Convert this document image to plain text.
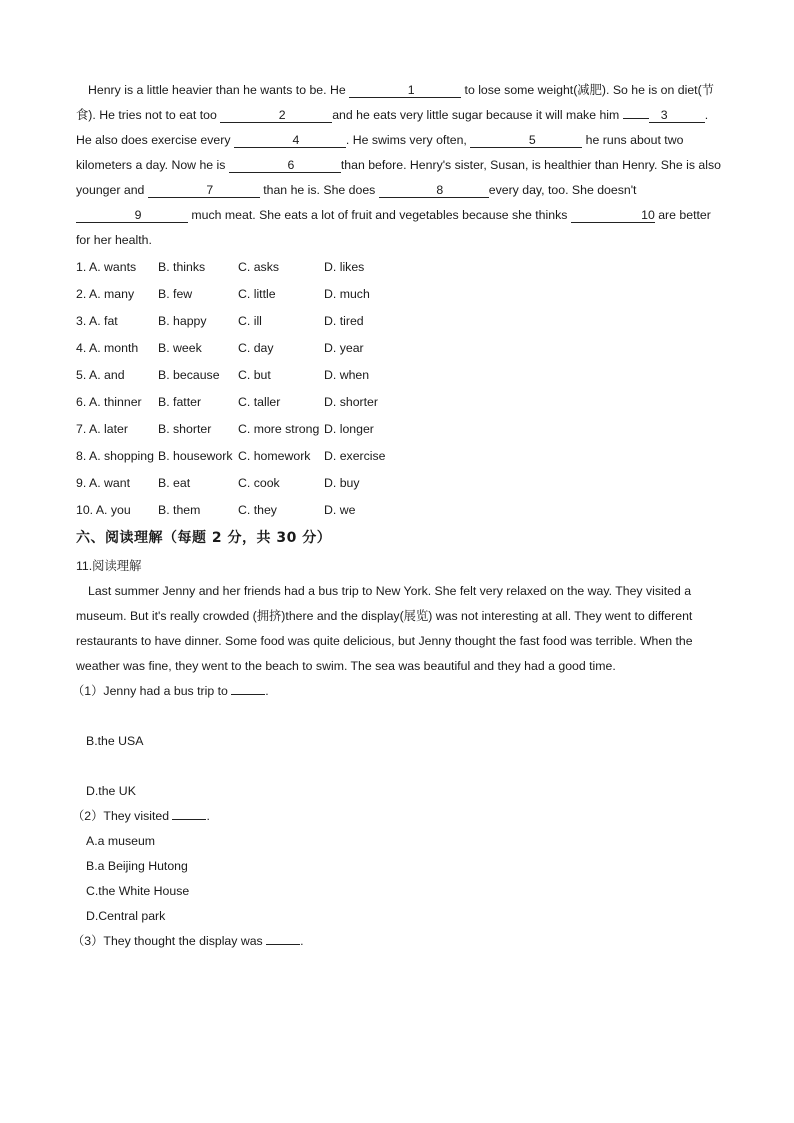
Henry is a little heavier than he wants to be. He	1	to lose some weight(减肥). So he is on diet(节食). He tries not to eat too	2	and he eats very little sugar because it will make him	3	. He also does exercise every	4	. He swims very often,	5	he runs about two kilometers a day. Now he is	6	than before. Henry's sister, Susan, is healthier than Henry. She is also younger and	7	than he is. She does	8	every day, too. She doesn't 9	much meat. She eats a lot of fruit and vegetables because she thinks	10 are better for her health.

1. A. wants B. thinks	C. asks	D. likes
2. A. many B. few	C. little	D. much
3. A. fat	B. happy	C. ill	D. tired
4. A. month B. week	C. day	D. year
5. A. and	B. because C. but	D. when
6. A. thinner B. fatter	C. taller	D. shorter
7. A. later B. shorter C. more strong D. longer
8. A. shopping B. housework C. homework D. exercise
9. A. want B. eat	C. cook	D. buy
10. A. you B. them	C. they	D. we
六、阅读理解（每题 2 分，共 30 分）
11.阅读理解

Last summer Jenny and her friends had a bus trip to New York. She felt very relaxed on the way. They visited a museum. But it's really crowded (拥挤)there and the display(展览) was not interesting at all. They went to different restaurants to have dinner. Some food was quite delicious, but Jenny thought the fast food was terrible. When the weather was fine, they went to the beach to swim. The sea was beautiful and they had a good time.

（1）Jenny had a bus trip to	.
B.the USA
D.the UK
（2）They visited	.
A.a museum
B.a Beijing Hutong
C.the White House
D.Central park
（3）They thought the display was	.
